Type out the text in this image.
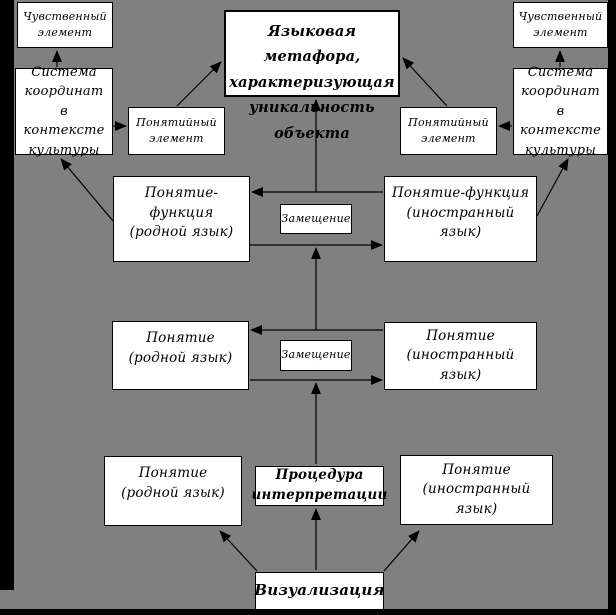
Чувственный элемент
Система координат в контексте культуры
Понятийный элемент
Языковая метафора, характеризующая уникальность объекта
Чувственный элемент
Система координат в контексте культуры
Понятийный элемент
Понятие-функция (родной язык)
Понятие-функция (иностранный язык)
Замещение
Понятие (родной язык)
Понятие (иностранный язык)
Замещение
Понятие (родной язык)
Процедура интерпретации
Понятие (иностранный язык)
Визуализация
